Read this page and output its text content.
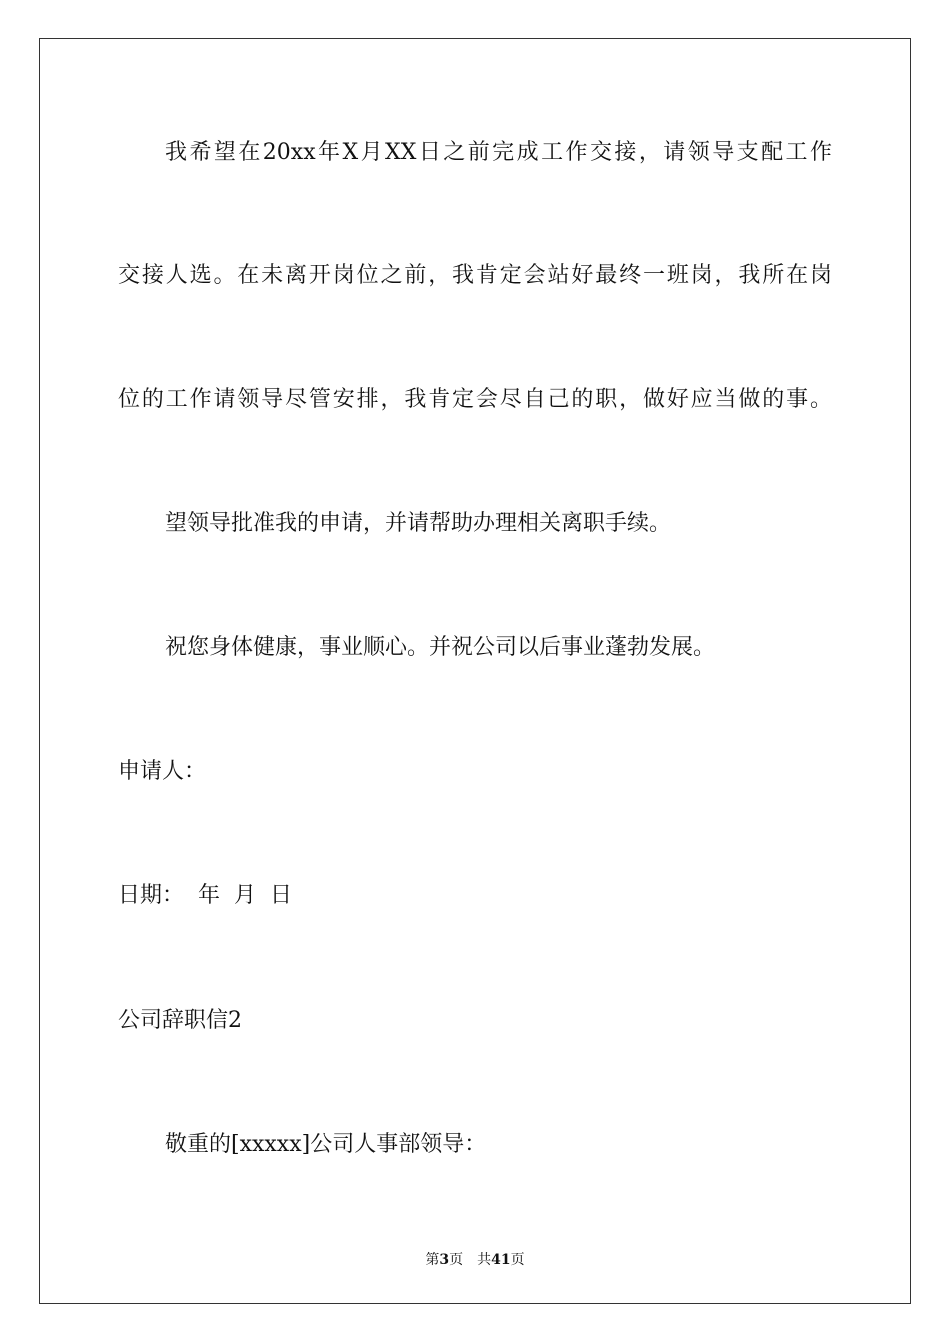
我希望在20xx年X月XX日之前完成工作交接，请领导支配工作

交接人选。在未离开岗位之前，我肯定会站好最终一班岗，我所在岗

位的工作请领导尽管安排，我肯定会尽自己的职，做好应当做的事。

望领导批准我的申请，并请帮助办理相关离职手续。

祝您身体健康，事业顺心。并祝公司以后事业蓬勃发展。

申请人：

日期：  年  月  日

公司辞职信2

敬重的[xxxxx]公司人事部领导：

第3页 共41页
